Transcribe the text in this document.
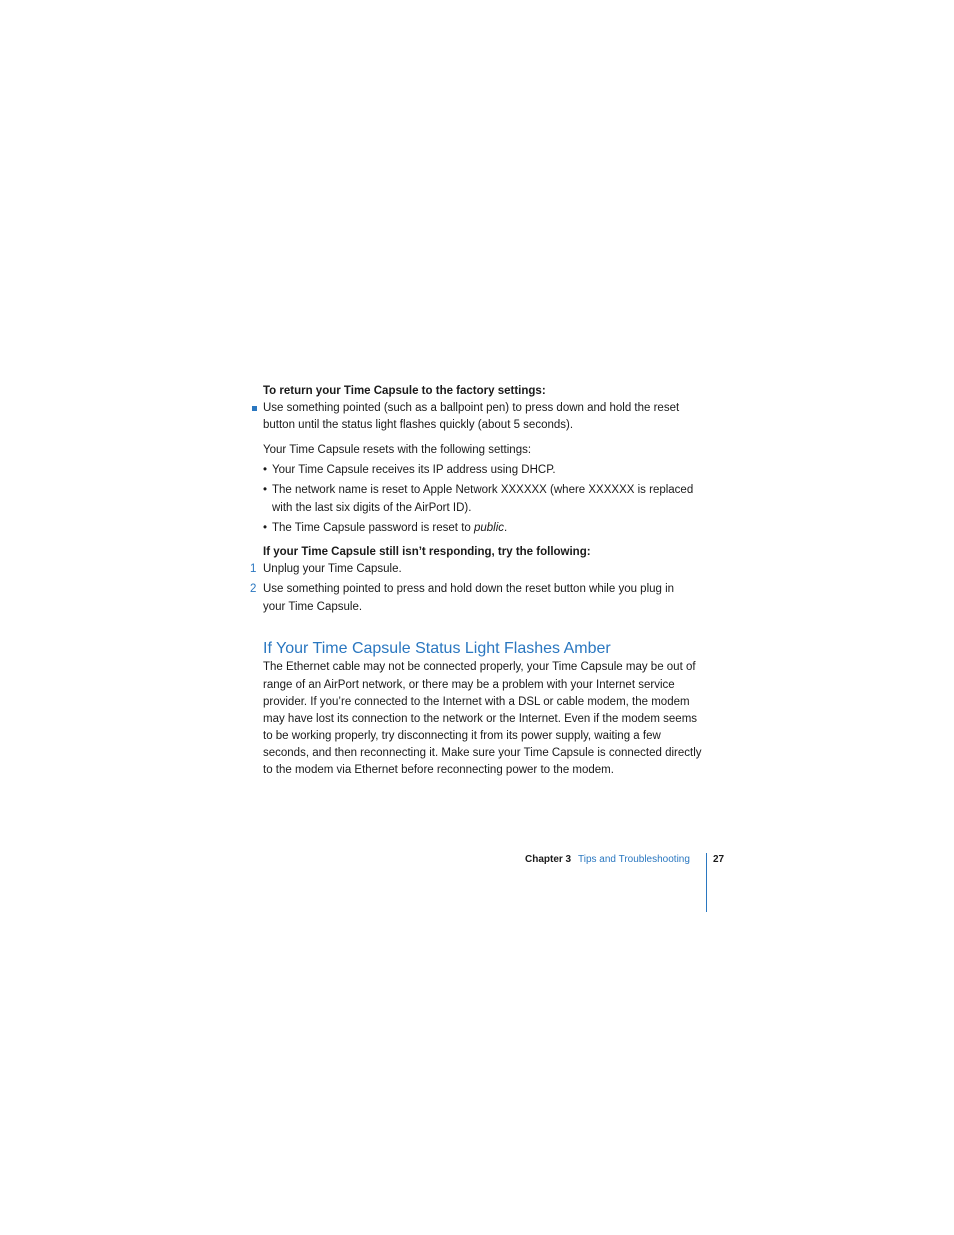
To return your Time Capsule to the factory settings:
Use something pointed (such as a ballpoint pen) to press down and hold the reset
button until the status light flashes quickly (about 5 seconds).
Your Time Capsule resets with the following settings:
• Your Time Capsule receives its IP address using DHCP.
• The network name is reset to Apple Network XXXXXX (where XXXXXX is replaced
with the last six digits of the AirPort ID).
• The Time Capsule password is reset to public.
If your Time Capsule still isn’t responding, try the following:
1 Unplug your Time Capsule.
2 Use something pointed to press and hold down the reset button while you plug in
your Time Capsule.
If Your Time Capsule Status Light Flashes Amber
The Ethernet cable may not be connected properly, your Time Capsule may be out of
range of an AirPort network, or there may be a problem with your Internet service
provider. If you’re connected to the Internet with a DSL or cable modem, the modem
may have lost its connection to the network or the Internet. Even if the modem seems
to be working properly, try disconnecting it from its power supply, waiting a few
seconds, and then reconnecting it. Make sure your Time Capsule is connected directly
to the modem via Ethernet before reconnecting power to the modem.
Chapter 3 Tips and Troubleshooting 27
